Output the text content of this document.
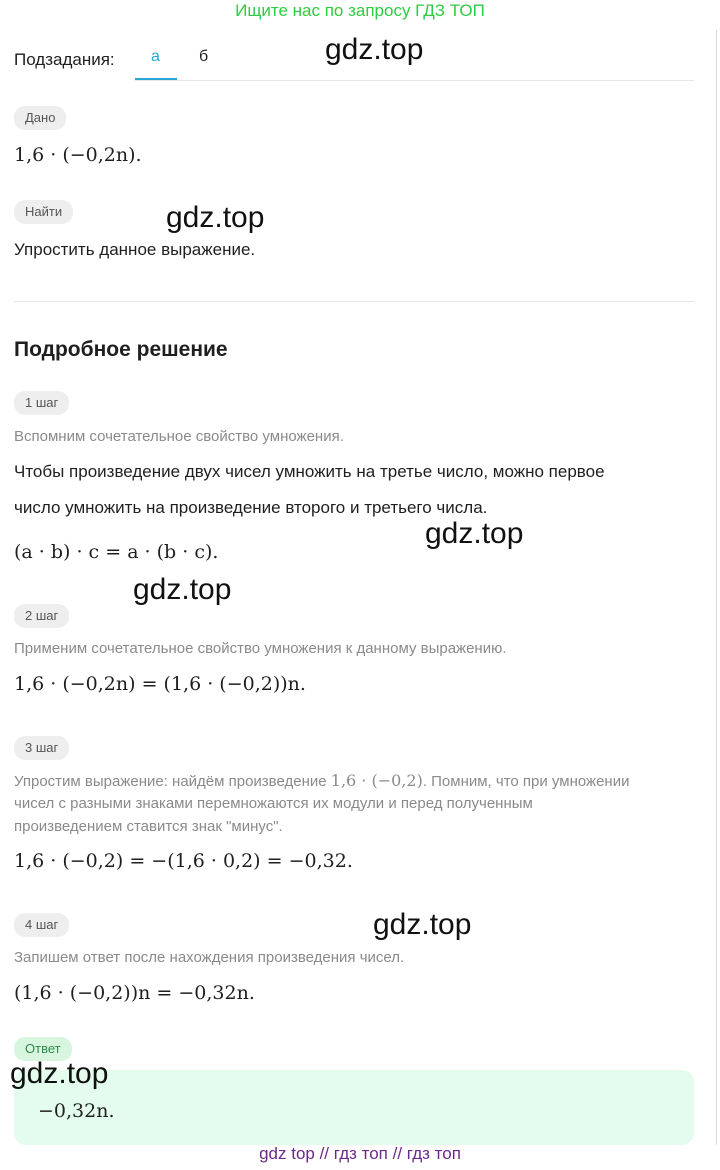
Ищите нас по запросу ГДЗ ТОП
Подзадания: а б
Дано
1,6 · (−0,2n).
Найти
Упростить данное выражение.
Подробное решение
1 шаг
Вспомним сочетательное свойство умножения.
Чтобы произведение двух чисел умножить на третье число, можно первое
число умножить на произведение второго и третьего числа.
(a · b) · c = a · (b · c).
2 шаг
Применим сочетательное свойство умножения к данному выражению.
1,6 · (−0,2n) = (1,6 · (−0,2))n.
3 шаг
Упростим выражение: найдём произведение 1,6 · (−0,2). Помним, что при умножении
чисел с разными знаками перемножаются их модули и перед полученным
произведением ставится знак "минус".
1,6 · (−0,2) = −(1,6 · 0,2) = −0,32.
4 шаг
Запишем ответ после нахождения произведения чисел.
(1,6 · (−0,2))n = −0,32n.
Ответ
−0,32n.
gdz.top
gdz.top
gdz.top
gdz.top
gdz.top
gdz.top
gdz top // гдз топ // гдз топ
